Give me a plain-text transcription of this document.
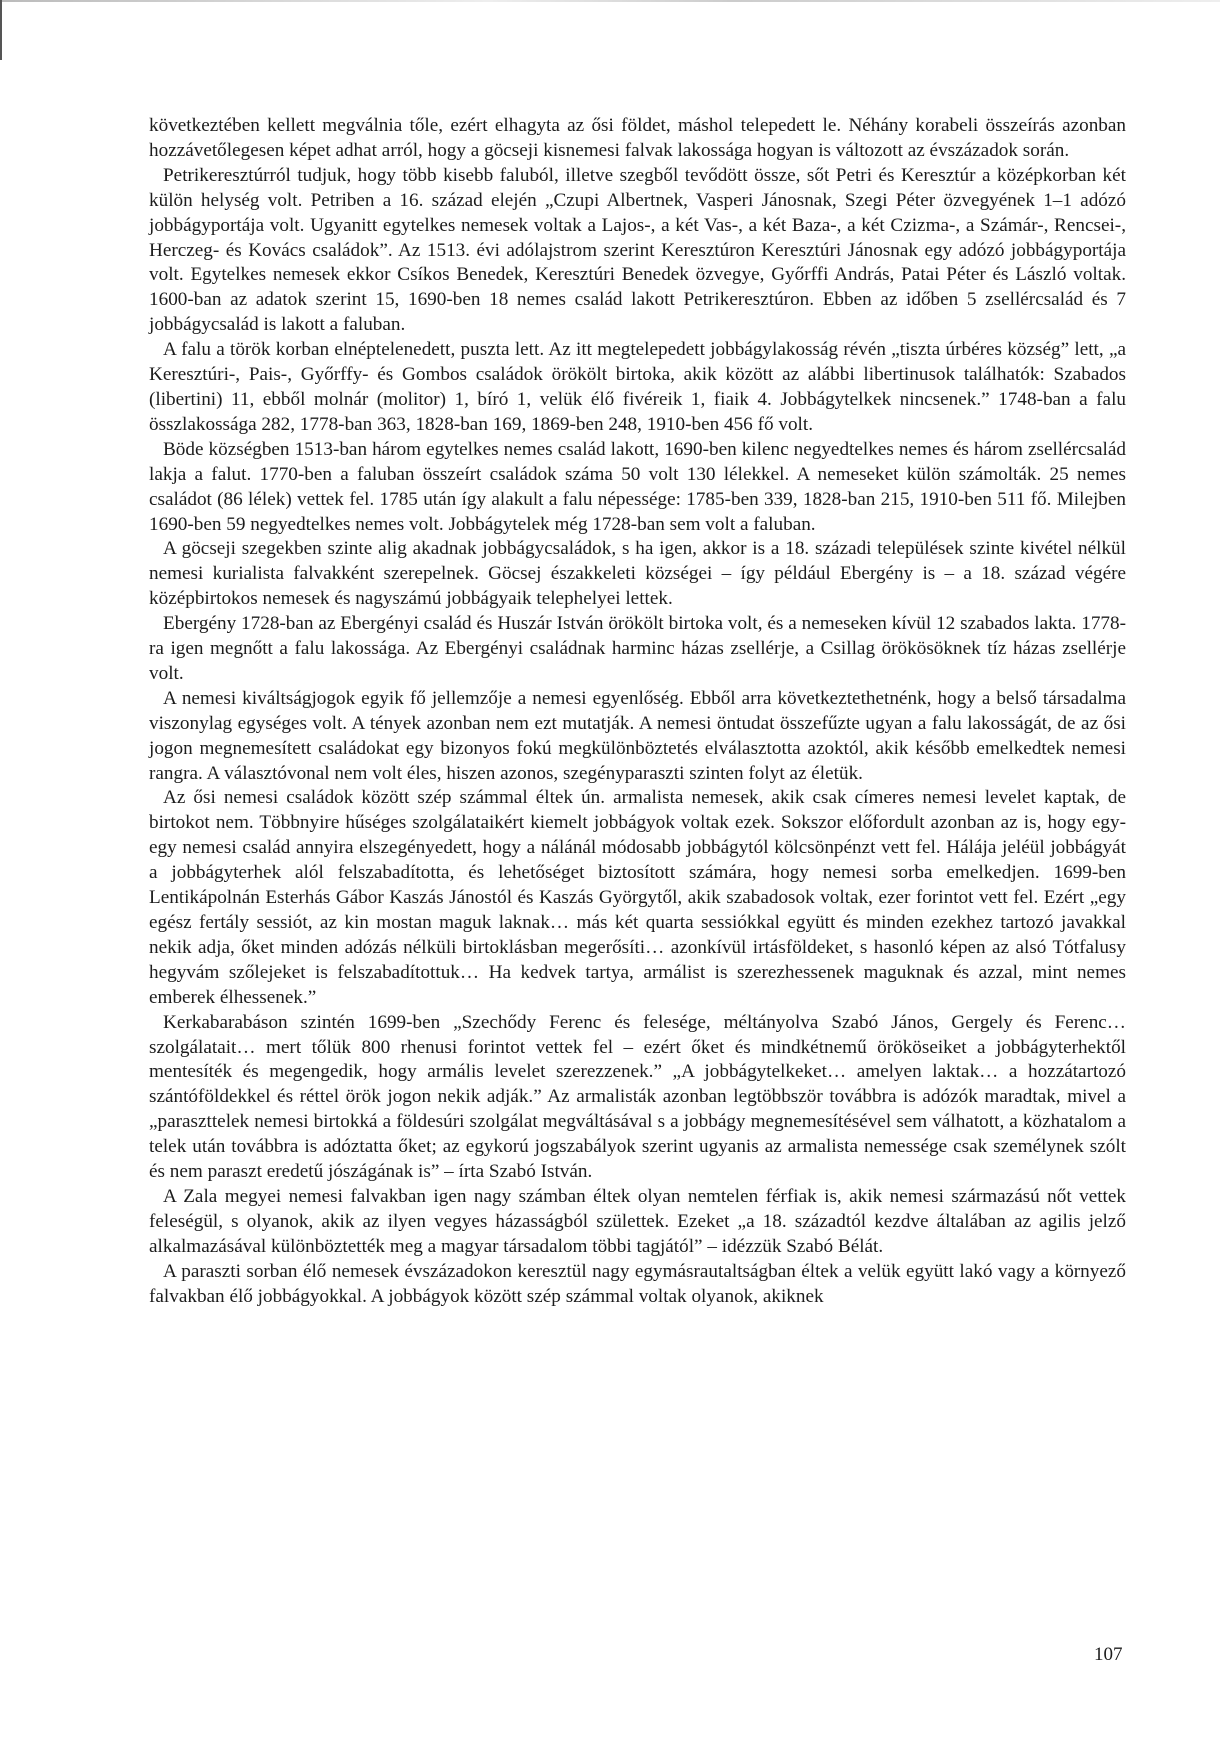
következtében kellett megválnia tőle, ezért elhagyta az ősi földet, máshol telepedett le. Néhány korabeli összeírás azonban hozzávetőlegesen képet adhat arról, hogy a göcseji kisnemesi falvak lakossága hogyan is változott az évszázadok során.

Petrikeresztúrról tudjuk, hogy több kisebb faluból, illetve szegből tevődött össze, sőt Petri és Keresztúr a középkorban két külön helység volt. Petriben a 16. század elején „Czupi Albertnek, Vasperi Jánosnak, Szegi Péter özvegyének 1–1 adózó jobbágyportája volt. Ugyanitt egytelkes nemesek voltak a Lajos-, a két Vas-, a két Baza-, a két Czizma-, a Számár-, Rencsei-, Herczeg- és Kovács családok”. Az 1513. évi adólajstrom szerint Keresztúron Keresztúri Jánosnak egy adózó jobbágyportája volt. Egytelkes nemesek ekkor Csíkos Benedek, Keresztúri Benedek özvegye, Győrffi András, Patai Péter és László voltak. 1600-ban az adatok szerint 15, 1690-ben 18 nemes család lakott Petrikeresztúron. Ebben az időben 5 zsellércsalád és 7 jobbágycsalád is lakott a faluban.

A falu a török korban elnéptelenedett, puszta lett. Az itt megtelepedett jobbágylakosság révén „tiszta úrbéres község” lett, „a Keresztúri-, Pais-, Győrffy- és Gombos családok örökölt birtoka, akik között az alábbi libertinusok találhatók: Szabados (libertini) 11, ebből molnár (molitor) 1, bíró 1, velük élő fivéreik 1, fiaik 4. Jobbágytelkek nincsenek.” 1748-ban a falu összlakossága 282, 1778-ban 363, 1828-ban 169, 1869-ben 248, 1910-ben 456 fő volt.

Böde községben 1513-ban három egytelkes nemes család lakott, 1690-ben kilenc negyedtelkes nemes és három zsellércsalád lakja a falut. 1770-ben a faluban összeírt családok száma 50 volt 130 lélekkel. A nemeseket külön számolták. 25 nemes családot (86 lélek) vettek fel. 1785 után így alakult a falu népessége: 1785-ben 339, 1828-ban 215, 1910-ben 511 fő. Milejben 1690-ben 59 negyedtelkes nemes volt. Jobbágytelek még 1728-ban sem volt a faluban.

A göcseji szegekben szinte alig akadnak jobbágycsaládok, s ha igen, akkor is a 18. századi települések szinte kivétel nélkül nemesi kurialista falvakként szerepelnek. Göcsej északkeleti községei – így például Ebergény is – a 18. század végére középbirtokos nemesek és nagyszámú jobbágyaik telephelyei lettek.

Ebergény 1728-ban az Ebergényi család és Huszár István örökölt birtoka volt, és a nemeseken kívül 12 szabados lakta. 1778-ra igen megnőtt a falu lakossága. Az Ebergényi családnak harminc házas zsellérje, a Csillag örökösöknek tíz házas zsellérje volt.

A nemesi kiváltságjogok egyik fő jellemzője a nemesi egyenlőség. Ebből arra következtethetnénk, hogy a belső társadalma viszonylag egységes volt. A tények azonban nem ezt mutatják. A nemesi öntudat összefűzte ugyan a falu lakosságát, de az ősi jogon megnemesített családokat egy bizonyos fokú megkülönböztetés elválasztotta azoktól, akik később emelkedtek nemesi rangra. A választóvonal nem volt éles, hiszen azonos, szegényparaszti szinten folyt az életük.

Az ősi nemesi családok között szép számmal éltek ún. armalista nemesek, akik csak címeres nemesi levelet kaptak, de birtokot nem. Többnyire hűséges szolgálataikért kiemelt jobbágyok voltak ezek. Sokszor előfordult azonban az is, hogy egy-egy nemesi család annyira elszegényedett, hogy a nálánál módosabb jobbágytól kölcsönpénzt vett fel. Hálája jeléül jobbágyát a jobbágyterhek alól felszabadította, és lehetőséget biztosított számára, hogy nemesi sorba emelkedjen. 1699-ben Lentikápolnán Esterhás Gábor Kaszás Jánostól és Kaszás Györgytől, akik szabadosok voltak, ezer forintot vett fel. Ezért „egy egész fertály sessiót, az kin mostan maguk laknak… más két quarta sessiókkal együtt és minden ezekhez tartozó javakkal nekik adja, őket minden adózás nélküli birtoklásban megerősíti… azonkívül irtásföldeket, s hasonló képen az alsó Tótfalusy hegyvám szőlejeket is felszabadítottuk… Ha kedvek tartya, armálist is szerezhessenek maguknak és azzal, mint nemes emberek élhessenek.”

Kerkabarabáson szintén 1699-ben „Szechődy Ferenc és felesége, méltányolva Szabó János, Gergely és Ferenc… szolgálatait… mert tőlük 800 rhenusi forintot vettek fel – ezért őket és mindkétnemű örököseiket a jobbágyterhektől mentesíték és megengedik, hogy armális levelet szerezzenek.” „A jobbágytelkeket… amelyen laktak… a hozzátartozó szántóföldekkel és réttel örök jogon nekik adják.” Az armalisták azonban legtöbbször továbbra is adózók maradtak, mivel a „paraszttelek nemesi birtokká a földesúri szolgálat megváltásával s a jobbágy megnemesítésével sem válhatott, a közhatalom a telek után továbbra is adóztatta őket; az egykorú jogszabályok szerint ugyanis az armalista nemessége csak személynek szólt és nem paraszt eredetű jószágának is” – írta Szabó István.

A Zala megyei nemesi falvakban igen nagy számban éltek olyan nemtelen férfiak is, akik nemesi származású nőt vettek feleségül, s olyanok, akik az ilyen vegyes házasságból születtek. Ezeket „a 18. századtól kezdve általában az agilis jelző alkalmazásával különböztették meg a magyar társadalom többi tagjától” – idézzük Szabó Bélát.

A paraszti sorban élő nemesek évszázadokon keresztül nagy egymásrautaltságban éltek a velük együtt lakó vagy a környező falvakban élő jobbágyokkal. A jobbágyok között szép számmal voltak olyanok, akiknek

107
